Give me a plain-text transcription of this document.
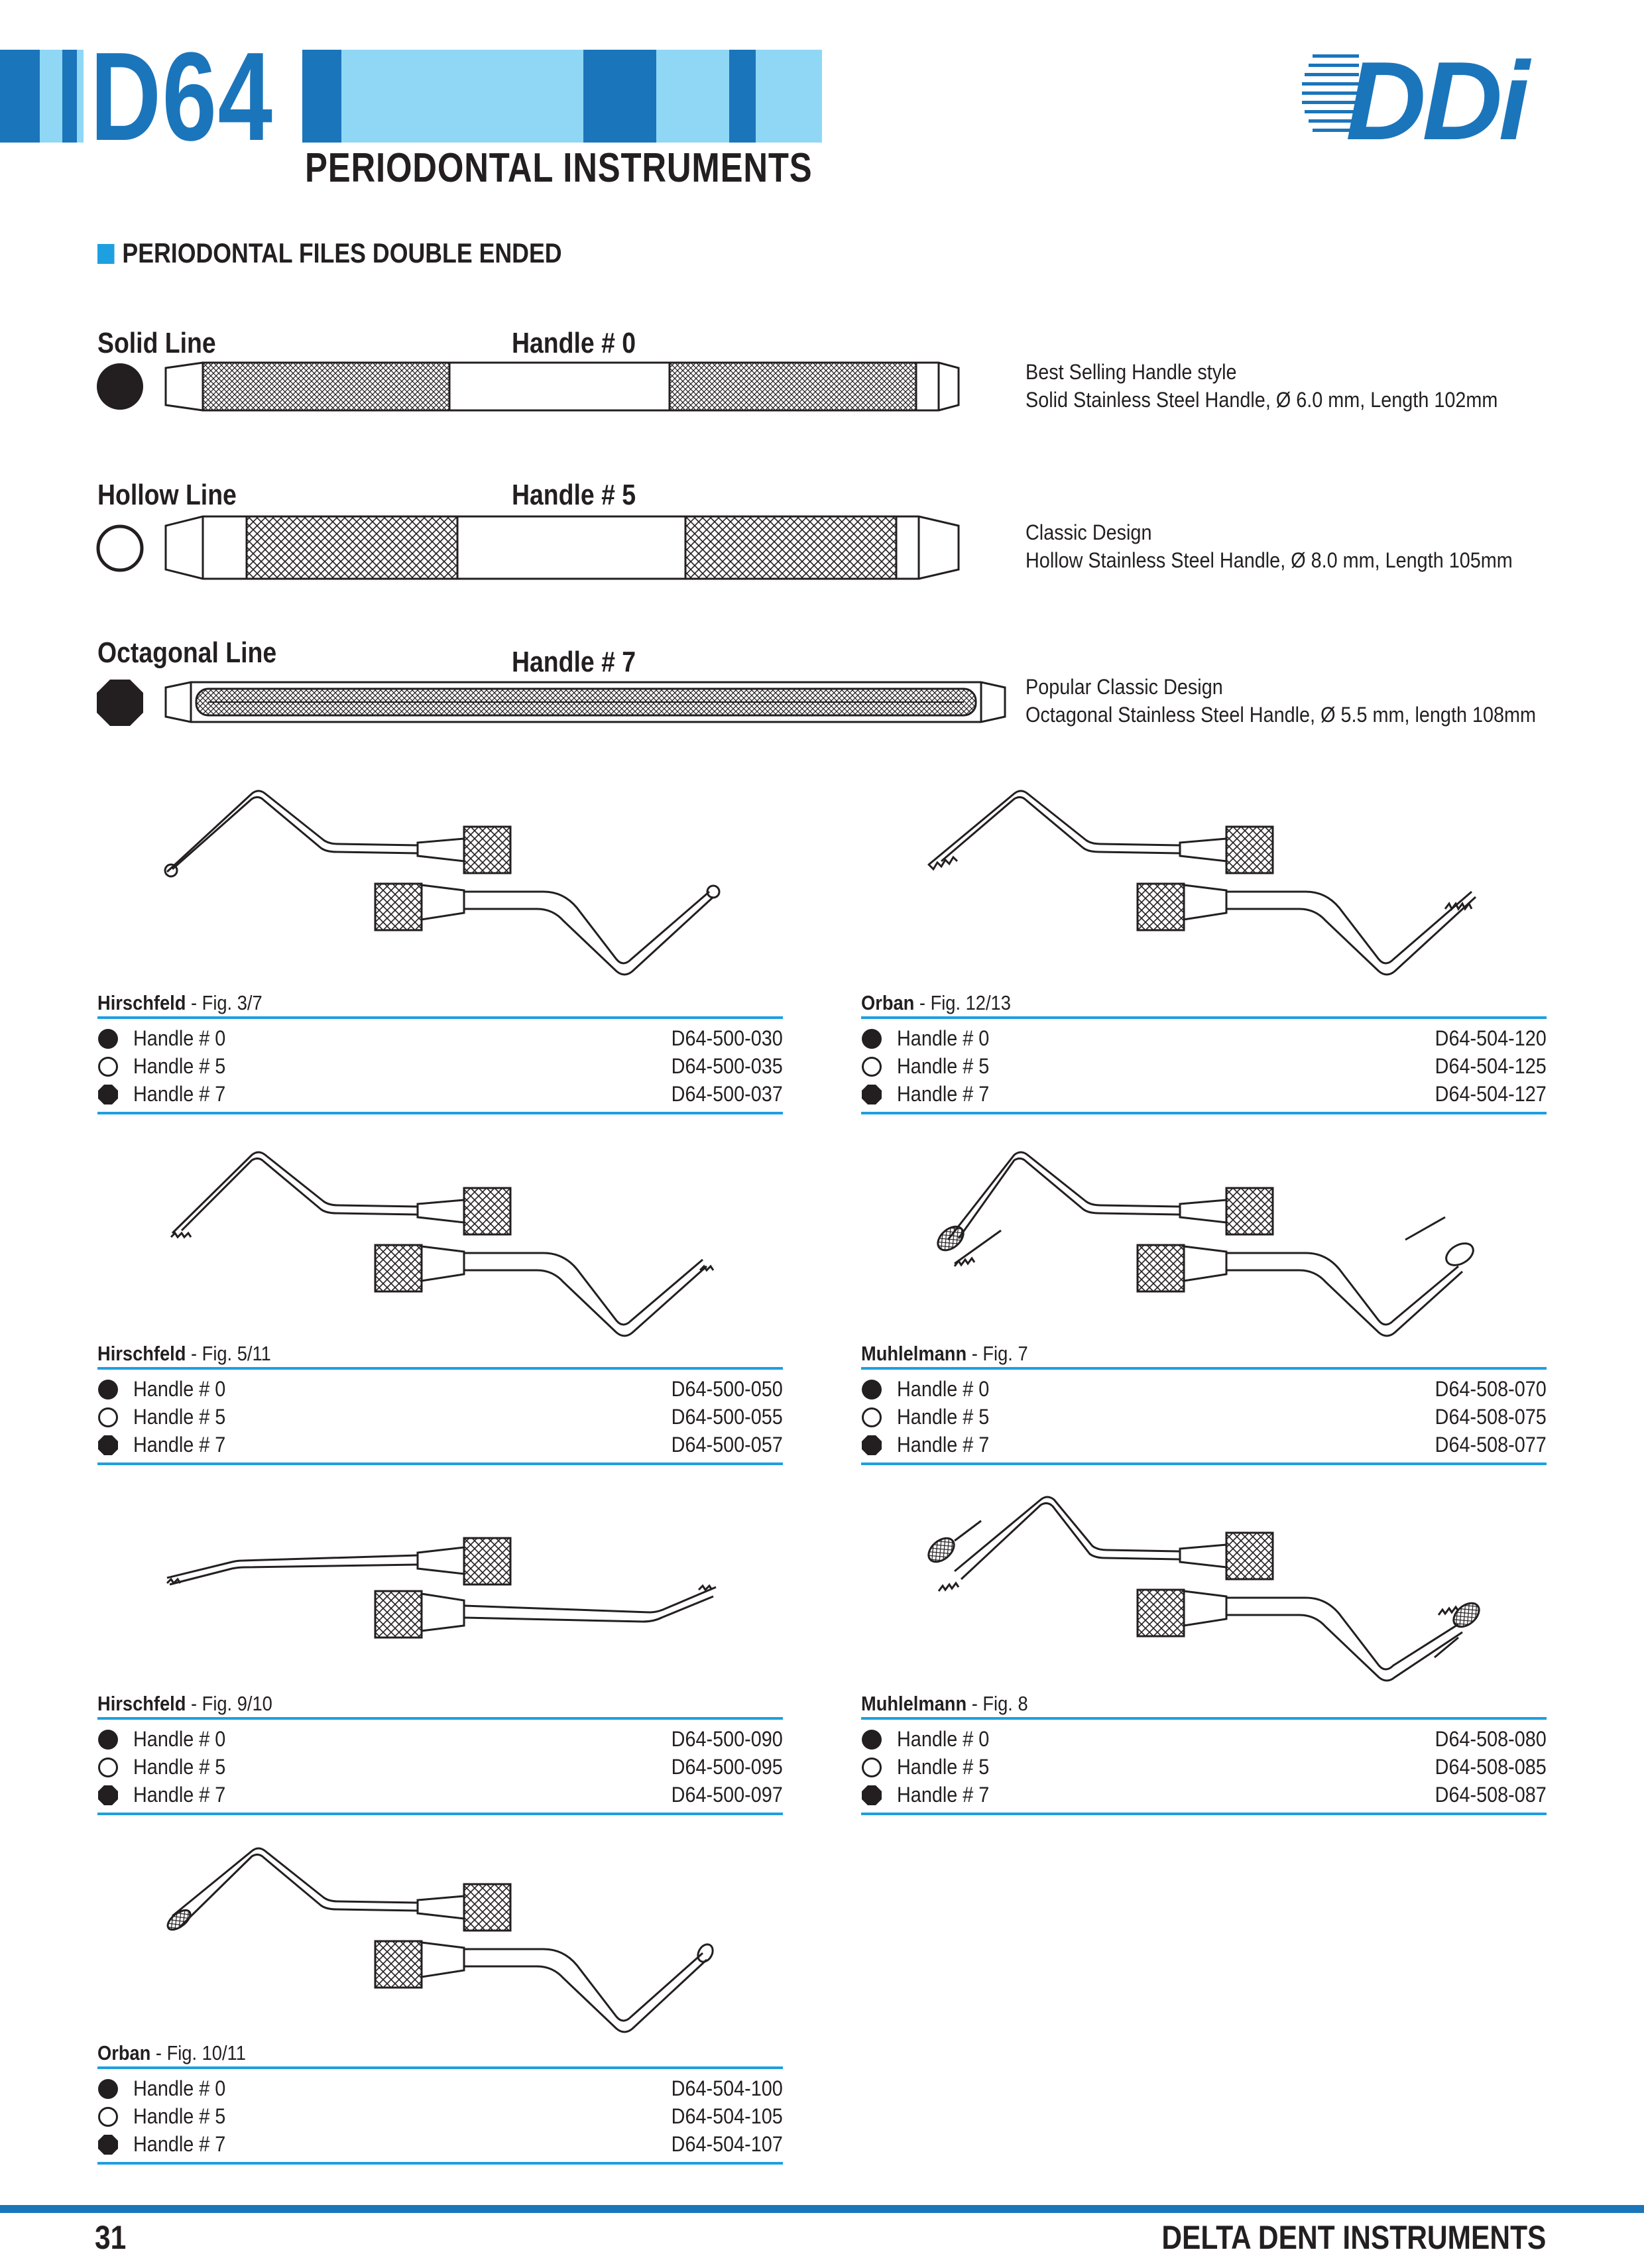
D64
PERIODONTAL INSTRUMENTS
DDi
PERIODONTAL FILES DOUBLE ENDED
Solid Line	Handle # 0
Best Selling Handle style
Solid Stainless Steel Handle, Ø 6.0 mm, Length 102mm
Hollow Line	Handle # 5
Classic Design
Hollow Stainless Steel Handle, Ø 8.0 mm, Length 105mm
Octagonal Line	Handle # 7
Popular Classic Design
Octagonal Stainless Steel Handle, Ø 5.5 mm, length 108mm
Hirschfeld - Fig. 3/7
Handle # 0	D64-500-030
Handle # 5	D64-500-035
Handle # 7	D64-500-037
Orban - Fig. 12/13
Handle # 0	D64-504-120
Handle # 5	D64-504-125
Handle # 7	D64-504-127
Hirschfeld - Fig. 5/11
Handle # 0	D64-500-050
Handle # 5	D64-500-055
Handle # 7	D64-500-057
Muhlelmann - Fig. 7
Handle # 0	D64-508-070
Handle # 5	D64-508-075
Handle # 7	D64-508-077
Hirschfeld - Fig. 9/10
Handle # 0	D64-500-090
Handle # 5	D64-500-095
Handle # 7	D64-500-097
Muhlelmann - Fig. 8
Handle # 0	D64-508-080
Handle # 5	D64-508-085
Handle # 7	D64-508-087
Orban - Fig. 10/11
Handle # 0	D64-504-100
Handle # 5	D64-504-105
Handle # 7	D64-504-107
31	DELTA DENT INSTRUMENTS
